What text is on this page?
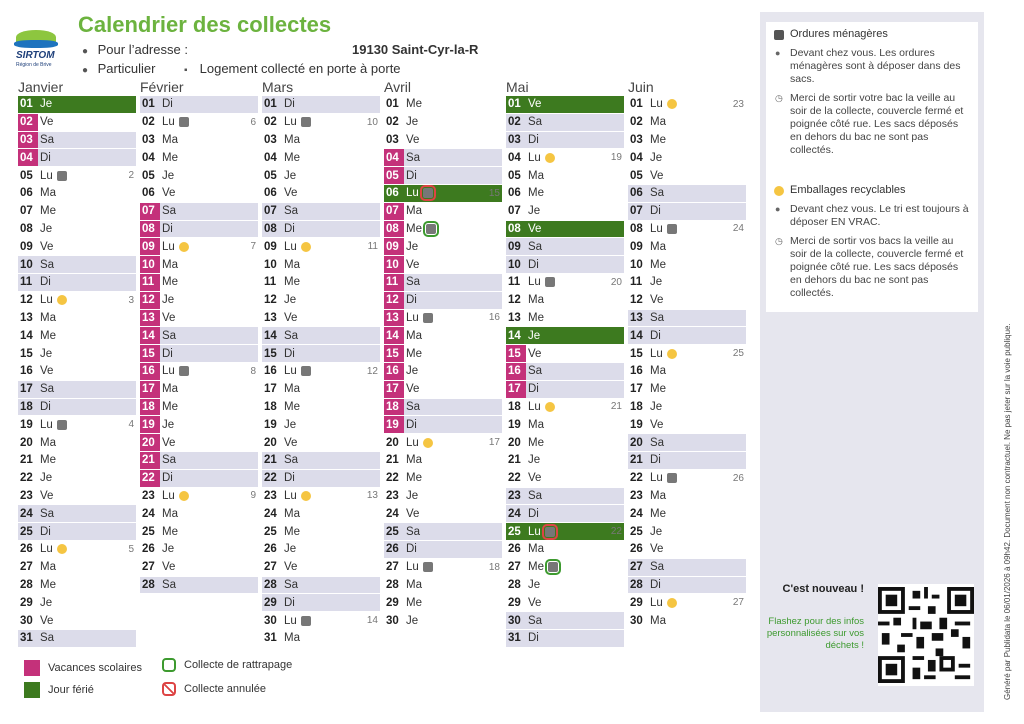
SIRTOM
Région de Brive
Calendrier des collectes
● Pour l’adresse :	19130 Saint-Cyr-la-R
● Particulier	▪ Logement collecté en porte à porte
Janvier
01 Je
02 Ve
03 Sa
04 Di
05 Lu	2
06 Ma
07 Me
08 Je
09 Ve
10 Sa
11 Di
12 Lu	3
13 Ma
14 Me
15 Je
16 Ve
17 Sa
18 Di
19 Lu	4
20 Ma
21 Me
22 Je
23 Ve
24 Sa
25 Di
26 Lu	5
27 Ma
28 Me
29 Je
30 Ve
31 Sa
Février
01 Di
02 Lu	6
03 Ma
04 Me
05 Je
06 Ve
07 Sa
08 Di
09 Lu	7
10 Ma
11 Me
12 Je
13 Ve
14 Sa
15 Di
16 Lu	8
17 Ma
18 Me
19 Je
20 Ve
21 Sa
22 Di
23 Lu	9
24 Ma
25 Me
26 Je
27 Ve
28 Sa
Mars
01 Di
02 Lu	10
03 Ma
04 Me
05 Je
06 Ve
07 Sa
08 Di
09 Lu	11
10 Ma
11 Me
12 Je
13 Ve
14 Sa
15 Di
16 Lu	12
17 Ma
18 Me
19 Je
20 Ve
21 Sa
22 Di
23 Lu	13
24 Ma
25 Me
26 Je
27 Ve
28 Sa
29 Di
30 Lu	14
31 Ma
Avril
01 Me
02 Je
03 Ve
04 Sa
05 Di
06 Lu	15
07 Ma
08 Me
09 Je
10 Ve
11 Sa
12 Di
13 Lu	16
14 Ma
15 Me
16 Je
17 Ve
18 Sa
19 Di
20 Lu	17
21 Ma
22 Me
23 Je
24 Ve
25 Sa
26 Di
27 Lu	18
28 Ma
29 Me
30 Je
Mai
01 Ve
02 Sa
03 Di
04 Lu	19
05 Ma
06 Me
07 Je
08 Ve
09 Sa
10 Di
11 Lu	20
12 Ma
13 Me
14 Je
15 Ve
16 Sa
17 Di
18 Lu	21
19 Ma
20 Me
21 Je
22 Ve
23 Sa
24 Di
25 Lu	22
26 Ma
27 Me
28 Je
29 Ve
30 Sa
31 Di
Juin
01 Lu	23
02 Ma
03 Me
04 Je
05 Ve
06 Sa
07 Di
08 Lu	24
09 Ma
10 Me
11 Je
12 Ve
13 Sa
14 Di
15 Lu	25
16 Ma
17 Me
18 Je
19 Ve
20 Sa
21 Di
22 Lu	26
23 Ma
24 Me
25 Je
26 Ve
27 Sa
28 Di
29 Lu	27
30 Ma
Vacances scolaires
Jour férié
Collecte de rattrapage
Collecte annulée
Ordures ménagères

● Devant chez vous. Les ordures ménagères sont à déposer dans des sacs.

◷ Merci de sortir votre bac la veille au soir de la collecte, couvercle fermé et poignée côté rue. Les sacs déposés en dehors du bac ne sont pas collectés.

Emballages recyclables

● Devant chez vous. Le tri est toujours à déposer EN VRAC.

◷ Merci de sortir vos bacs la veille au soir de la collecte, couvercle fermé et poignée côté rue. Les sacs déposés en dehors du bac ne sont pas collectés.

C'est nouveau !
Flashez pour des infos personnalisées sur vos déchets !	Généré par Publidata le 06/01/2026 à 09h42. Document non contractuel. Ne pas jeter sur la voie publique.
